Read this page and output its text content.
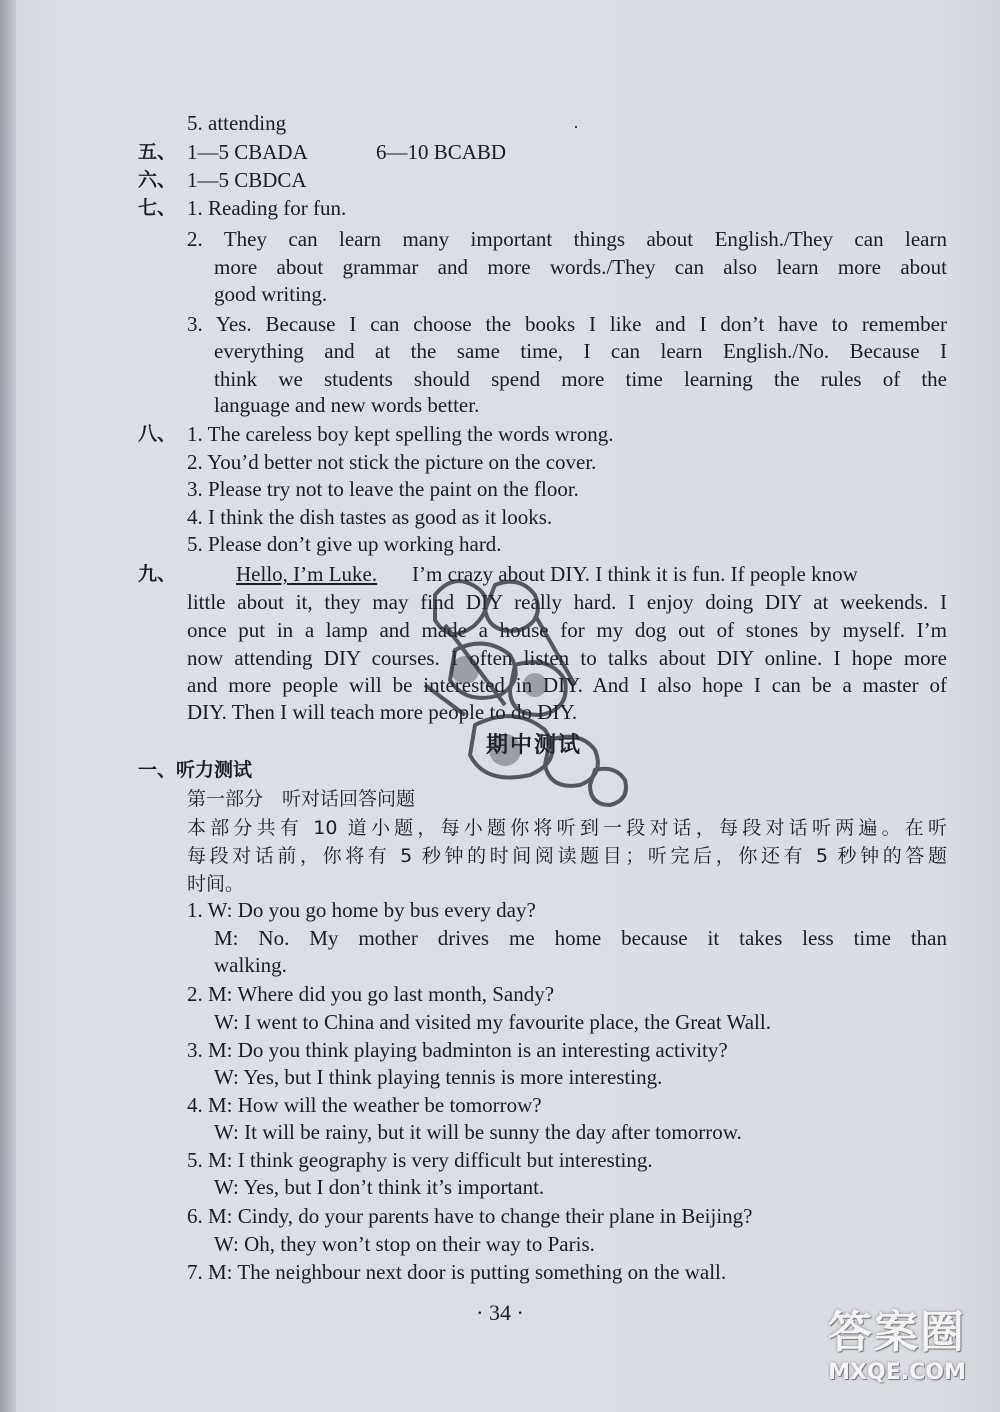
·
5. attending
五、 1—5 CBADA	6—10 BCABD
六、 1—5 CBDCA
七、 1. Reading for fun.
2. They can learn many important things about English./They can learn
more about grammar and more words./They can also learn more about
good writing.
3. Yes. Because I can choose the books I like and I don’t have to remember
everything and at the same time, I can learn English./No. Because I
think we students should spend more time learning the rules of the
language and new words better.
八、 1. The careless boy kept spelling the words wrong.
2. You’d better not stick the picture on the cover.
3. Please try not to leave the paint on the floor.
4. I think the dish tastes as good as it looks.
5. Please don’t give up working hard.
九、	Hello, I’m Luke. I’m crazy about DIY. I think it is fun. If people know
little about it, they may find DIY really hard. I enjoy doing DIY at weekends. I
once put in a lamp and made a house for my dog out of stones by myself. I’m
now attending DIY courses. I often listen to talks about DIY online. I hope more
and more people will be interested in DIY. And I also hope I can be a master of
DIY. Then I will teach more people to do DIY.
期中测试
一、听力测试
第一部分　听对话回答问题
本部分共有 10 道小题，每小题你将听到一段对话，每段对话听两遍。在听
每段对话前，你将有 5 秒钟的时间阅读题目；听完后，你还有 5 秒钟的答题
时间。
1. W: Do you go home by bus every day?
M: No. My mother drives me home because it takes less time than
walking.
2. M: Where did you go last month, Sandy?
W: I went to China and visited my favourite place, the Great Wall.
3. M: Do you think playing badminton is an interesting activity?
W: Yes, but I think playing tennis is more interesting.
4. M: How will the weather be tomorrow?
W: It will be rainy, but it will be sunny the day after tomorrow.
5. M: I think geography is very difficult but interesting.
W: Yes, but I don’t think it’s important.
6. M: Cindy, do your parents have to change their plane in Beijing?
W: Oh, they won’t stop on their way to Paris.
7. M: The neighbour next door is putting something on the wall.
· 34 ·	答案圈
MXQE.COM
